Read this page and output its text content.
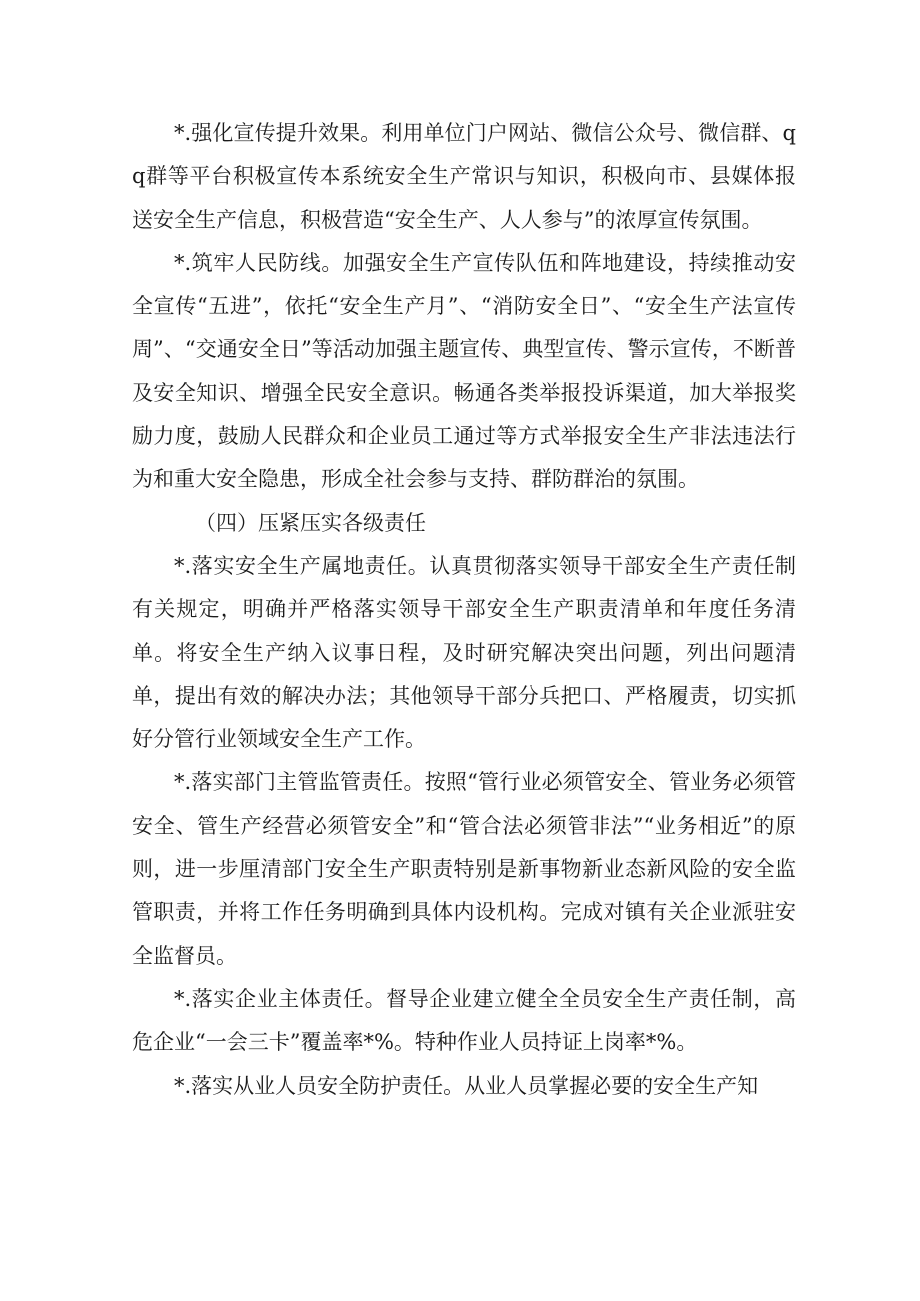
*.强化宣传提升效果。利用单位门户网站、微信公众号、微信群、qq群等平台积极宣传本系统安全生产常识与知识，积极向市、县媒体报送安全生产信息，积极营造“安全生产、人人参与”的浓厚宣传氛围。

*.筑牢人民防线。加强安全生产宣传队伍和阵地建设，持续推动安全宣传“五进”，依托“安全生产月”、“消防安全日”、“安全生产法宣传周”、“交通安全日”等活动加强主题宣传、典型宣传、警示宣传，不断普及安全知识、增强全民安全意识。畅通各类举报投诉渠道，加大举报奖励力度，鼓励人民群众和企业员工通过等方式举报安全生产非法违法行为和重大安全隐患，形成全社会参与支持、群防群治的氛围。

（四）压紧压实各级责任

*.落实安全生产属地责任。认真贯彻落实领导干部安全生产责任制有关规定，明确并严格落实领导干部安全生产职责清单和年度任务清单。将安全生产纳入议事日程，及时研究解决突出问题，列出问题清单，提出有效的解决办法；其他领导干部分兵把口、严格履责，切实抓好分管行业领域安全生产工作。

*.落实部门主管监管责任。按照“管行业必须管安全、管业务必须管安全、管生产经营必须管安全”和“管合法必须管非法”“业务相近”的原则，进一步厘清部门安全生产职责特别是新事物新业态新风险的安全监管职责，并将工作任务明确到具体内设机构。完成对镇有关企业派驻安全监督员。

*.落实企业主体责任。督导企业建立健全全员安全生产责任制，高危企业“一会三卡”覆盖率*%。特种作业人员持证上岗率*%。

*.落实从业人员安全防护责任。从业人员掌握必要的安全生产知
